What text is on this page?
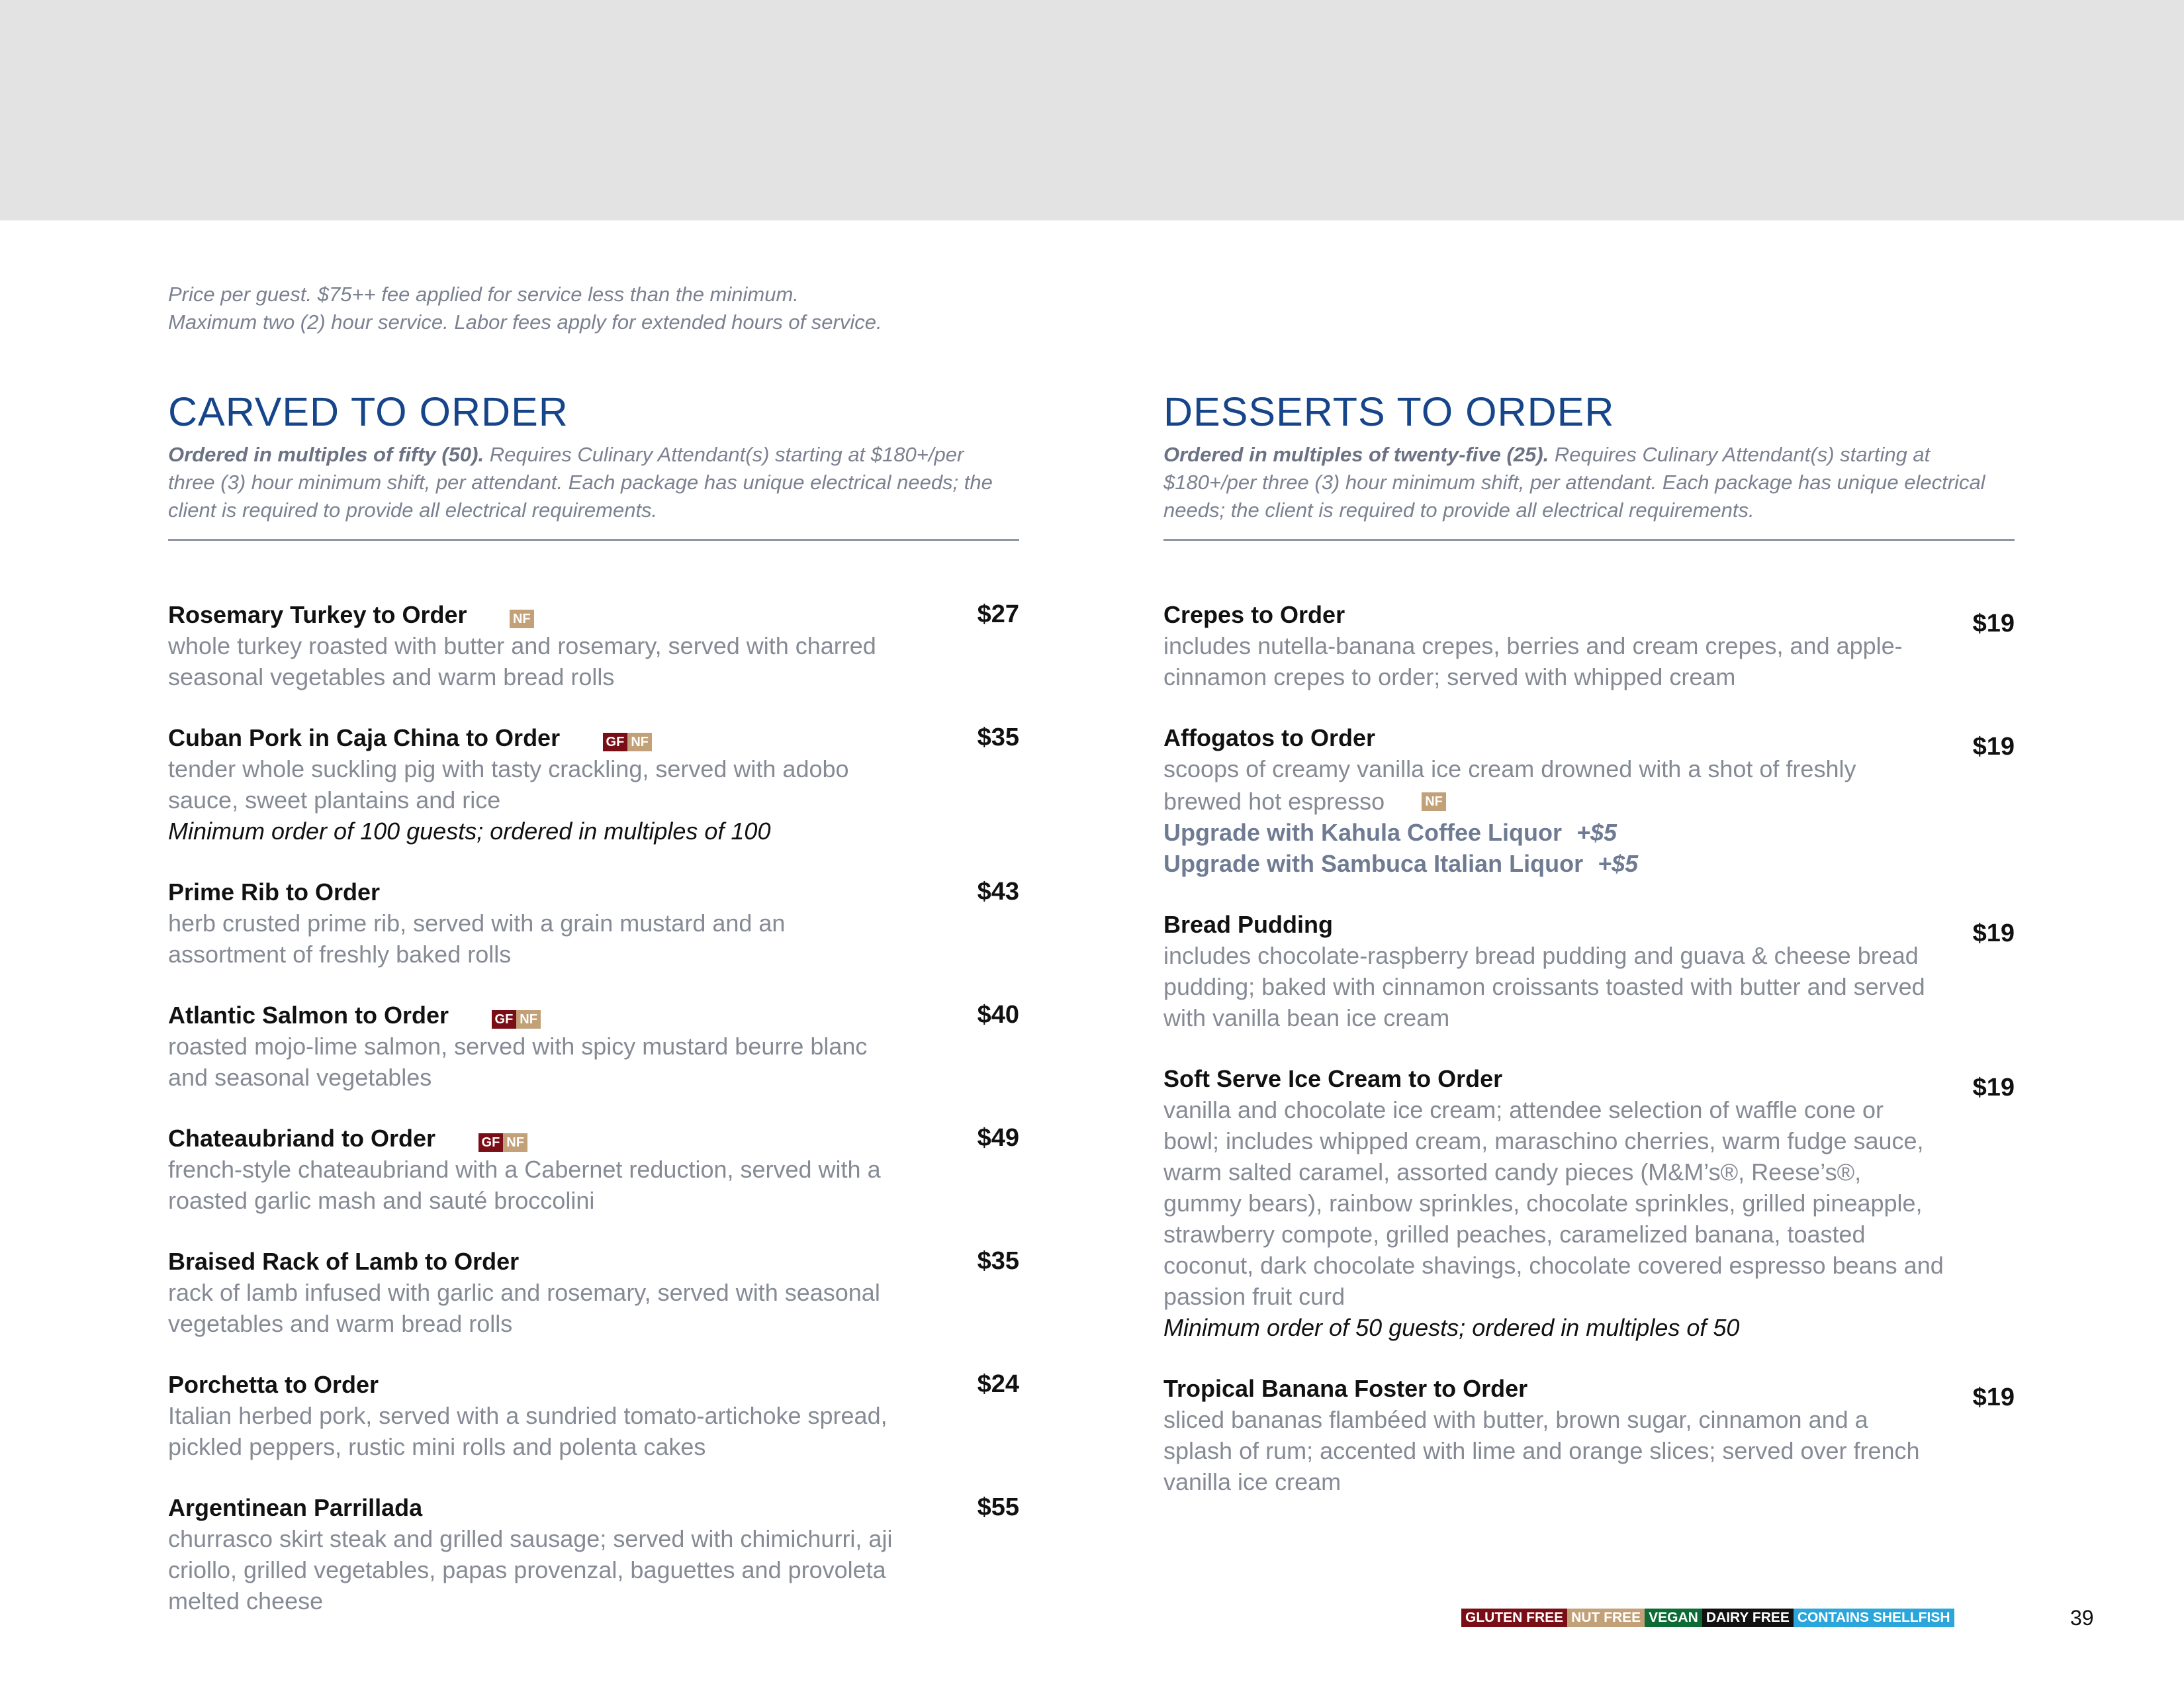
Price per guest. $75++ fee applied for service less than the minimum.
Maximum two (2) hour service. Labor fees apply for extended hours of service.
CARVED TO ORDER
Ordered in multiples of fifty (50). Requires Culinary Attendant(s) starting at $180+/per three (3) hour minimum shift, per attendant. Each package has unique electrical needs; the client is required to provide all electrical requirements.
Rosemary Turkey to Order	NF	$27
whole turkey roasted with butter and rosemary, served with charred seasonal vegetables and warm bread rolls
Cuban Pork in Caja China to Order	GF NF	$35
tender whole suckling pig with tasty crackling, served with adobo sauce, sweet plantains and rice
Minimum order of 100 guests; ordered in multiples of 100
Prime Rib to Order	$43
herb crusted prime rib, served with a grain mustard and an assortment of freshly baked rolls
Atlantic Salmon to Order	GF NF	$40
roasted mojo-lime salmon, served with spicy mustard beurre blanc and seasonal vegetables
Chateaubriand to Order	GF NF	$49
french-style chateaubriand with a Cabernet reduction, served with a roasted garlic mash and sauté broccolini
Braised Rack of Lamb to Order	$35
rack of lamb infused with garlic and rosemary, served with seasonal vegetables and warm bread rolls
Porchetta to Order	$24
Italian herbed pork, served with a sundried tomato-artichoke spread, pickled peppers, rustic mini rolls and polenta cakes
Argentinean Parrillada	$55
churrasco skirt steak and grilled sausage; served with chimichurri, aji criollo, grilled vegetables, papas provenzal, baguettes and provoleta melted cheese
DESSERTS TO ORDER
Ordered in multiples of twenty-five (25). Requires Culinary Attendant(s) starting at $180+/per three (3) hour minimum shift, per attendant. Each package has unique electrical needs; the client is required to provide all electrical requirements.
Crepes to Order	$19
includes nutella-banana crepes, berries and cream crepes, and apple-cinnamon crepes to order; served with whipped cream
Affogatos to Order	$19
scoops of creamy vanilla ice cream drowned with a shot of freshly brewed hot espresso	NF
Upgrade with Kahula Coffee Liquor +$5
Upgrade with Sambuca Italian Liquor +$5
Bread Pudding	$19
includes chocolate-raspberry bread pudding and guava & cheese bread pudding; baked with cinnamon croissants toasted with butter and served with vanilla bean ice cream
Soft Serve Ice Cream to Order	$19
vanilla and chocolate ice cream; attendee selection of waffle cone or bowl; includes whipped cream, maraschino cherries, warm fudge sauce, warm salted caramel, assorted candy pieces (M&M’s®, Reese’s®, gummy bears), rainbow sprinkles, chocolate sprinkles, grilled pineapple, strawberry compote, grilled peaches, caramelized banana, toasted coconut, dark chocolate shavings, chocolate covered espresso beans and passion fruit curd
Minimum order of 50 guests; ordered in multiples of 50
Tropical Banana Foster to Order	$19
sliced bananas flambéed with butter, brown sugar, cinnamon and a splash of rum; accented with lime and orange slices; served over french vanilla ice cream
GLUTEN FREE NUT FREE VEGAN DAIRY FREE CONTAINS SHELLFISH	39
